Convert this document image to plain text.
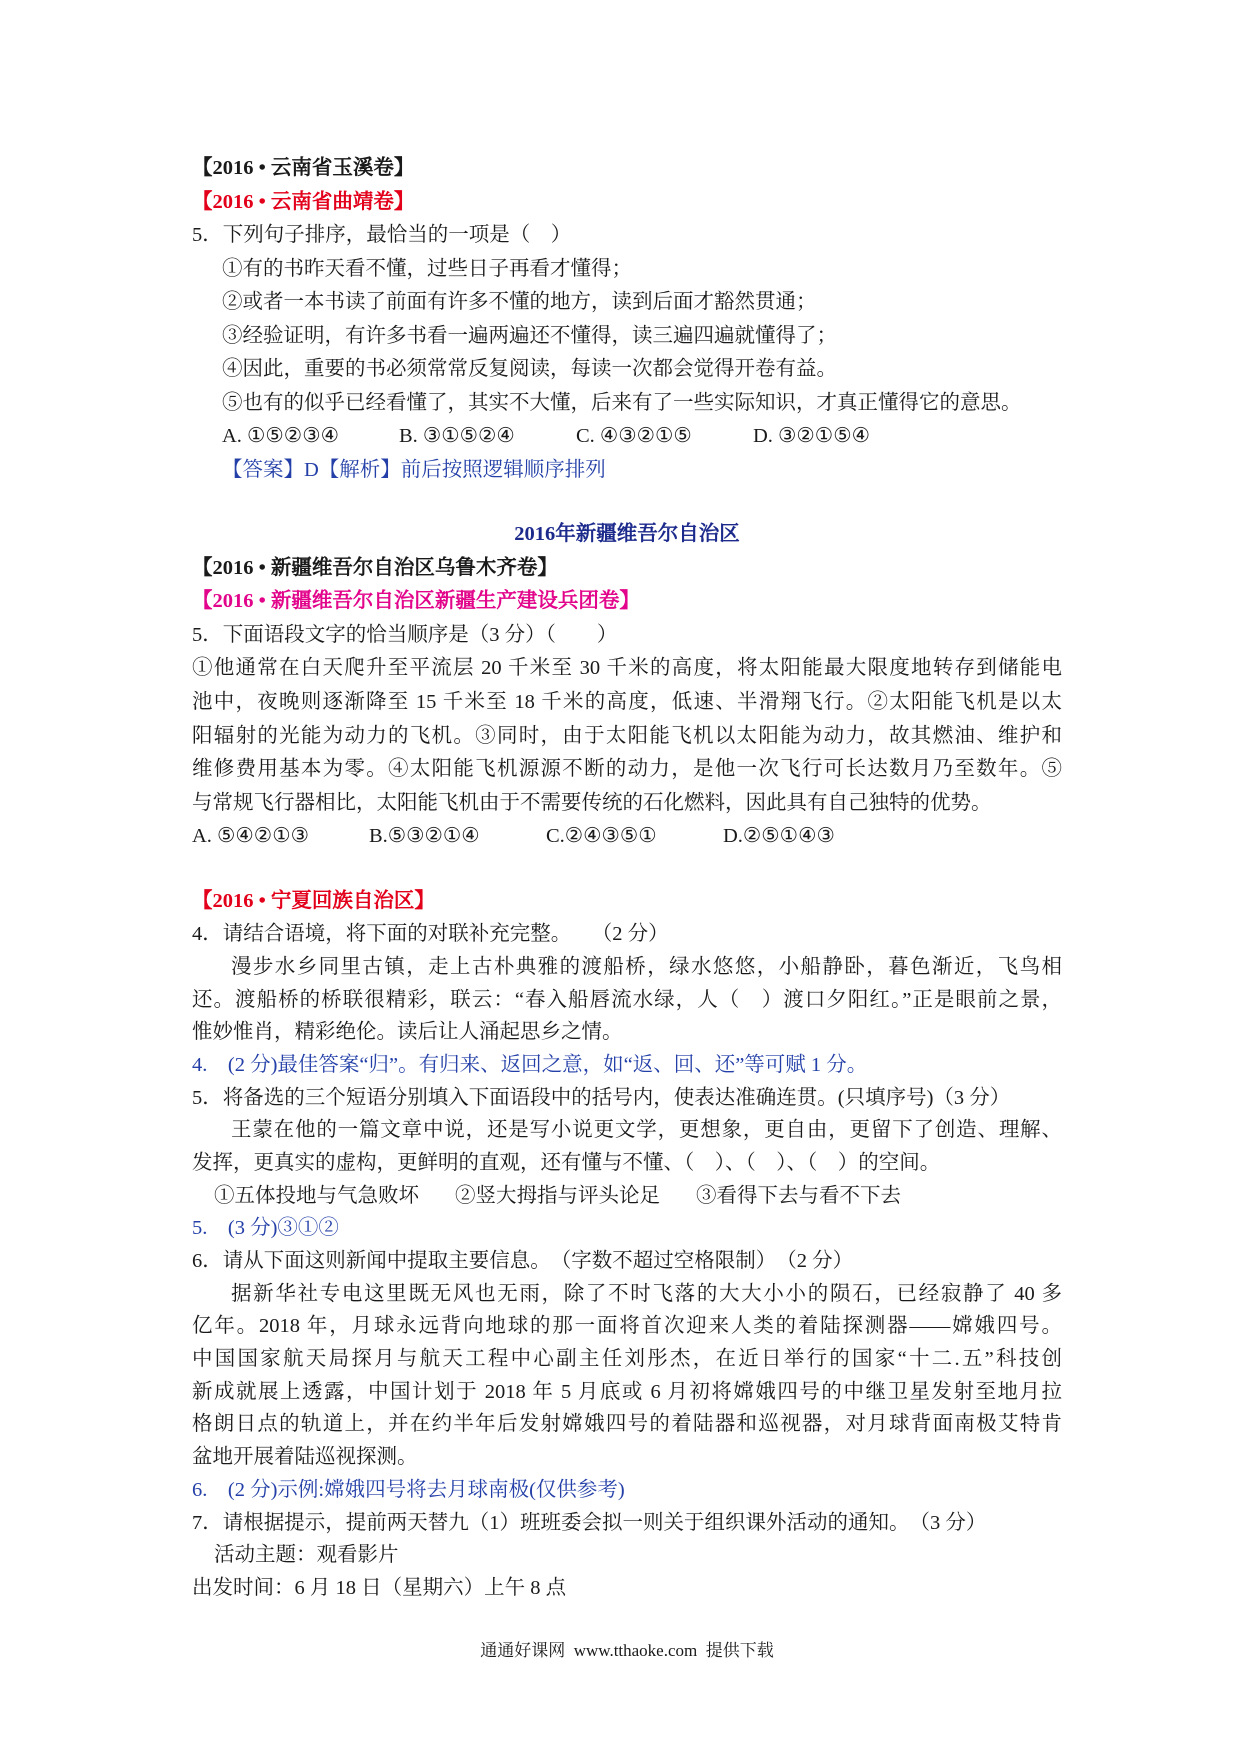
【2016 • 云南省玉溪卷】
【2016 • 云南省曲靖卷】
5．下列句子排序，最恰当的一项是（　）
①有的书昨天看不懂，过些日子再看才懂得；
②或者一本书读了前面有许多不懂的地方，读到后面才豁然贯通；
③经验证明，有许多书看一遍两遍还不懂得，读三遍四遍就懂得了；
④因此，重要的书必须常常反复阅读，每读一次都会觉得开卷有益。
⑤也有的似乎已经看懂了，其实不大懂，后来有了一些实际知识，才真正懂得它的意思。
A. ①⑤②③④	B. ③①⑤②④	C. ④③②①⑤	D. ③②①⑤④
【答案】D【解析】前后按照逻辑顺序排列
2016年新疆维吾尔自治区
【2016 • 新疆维吾尔自治区乌鲁木齐卷】
【2016 • 新疆维吾尔自治区新疆生产建设兵团卷】
5．下面语段文字的恰当顺序是（3 分）（　　）
①他通常在白天爬升至平流层 20 千米至 30 千米的高度，将太阳能最大限度地转存到储能电
池中，夜晚则逐渐降至 15 千米至 18 千米的高度，低速、半滑翔飞行。②太阳能飞机是以太
阳辐射的光能为动力的飞机。③同时，由于太阳能飞机以太阳能为动力，故其燃油、维护和
维修费用基本为零。④太阳能飞机源源不断的动力，是他一次飞行可长达数月乃至数年。⑤
与常规飞行器相比，太阳能飞机由于不需要传统的石化燃料，因此具有自己独特的优势。
A. ⑤④②①③	B.⑤③②①④	C.②④③⑤①	D.②⑤①④③
【2016 • 宁夏回族自治区】
4．请结合语境，将下面的对联补充完整。　　（2 分）
漫步水乡同里古镇，走上古朴典雅的渡船桥，绿水悠悠，小船静卧，暮色渐近，飞鸟相
还。渡船桥的桥联很精彩，联云：“春入船唇流水绿，人（　）渡口夕阳红。”正是眼前之景，
惟妙惟肖，精彩绝伦。读后让人涌起思乡之情。
4.　(2 分)最佳答案“归”。有归来、返回之意，如“返、回、还”等可赋 1 分。
5．将备选的三个短语分别填入下面语段中的括号内，使表达准确连贯。(只填序号)（3 分）
王蒙在他的一篇文章中说，还是写小说更文学，更想象，更自由，更留下了创造、理解、
发挥，更真实的虚构，更鲜明的直观，还有懂与不懂、（　）、（　）、（　）的空间。
①五体投地与气急败坏 ②竖大拇指与评头论足 ③看得下去与看不下去
5.　(3 分)③①②
6．请从下面这则新闻中提取主要信息。　（字数不超过空格限制）　（2 分）
据新华社专电这里既无风也无雨，除了不时飞落的大大小小的陨石，已经寂静了 40 多
亿年。2018 年，月球永远背向地球的那一面将首次迎来人类的着陆探测器——嫦娥四号。
中国国家航天局探月与航天工程中心副主任刘彤杰，在近日举行的国家“十二.五”科技创
新成就展上透露，中国计划于 2018 年 5 月底或 6 月初将嫦娥四号的中继卫星发射至地月拉
格朗日点的轨道上，并在约半年后发射嫦娥四号的着陆器和巡视器，对月球背面南极艾特肯
盆地开展着陆巡视探测。
6.　(2 分)示例:嫦娥四号将去月球南极(仅供参考)
7．请根据提示，提前两天替九（1）班班委会拟一则关于组织课外活动的通知。　（3 分）
活动主题：观看影片
出发时间：6 月 18 日（星期六）上午 8 点
通通好课网  www.tthaoke.com  提供下载
